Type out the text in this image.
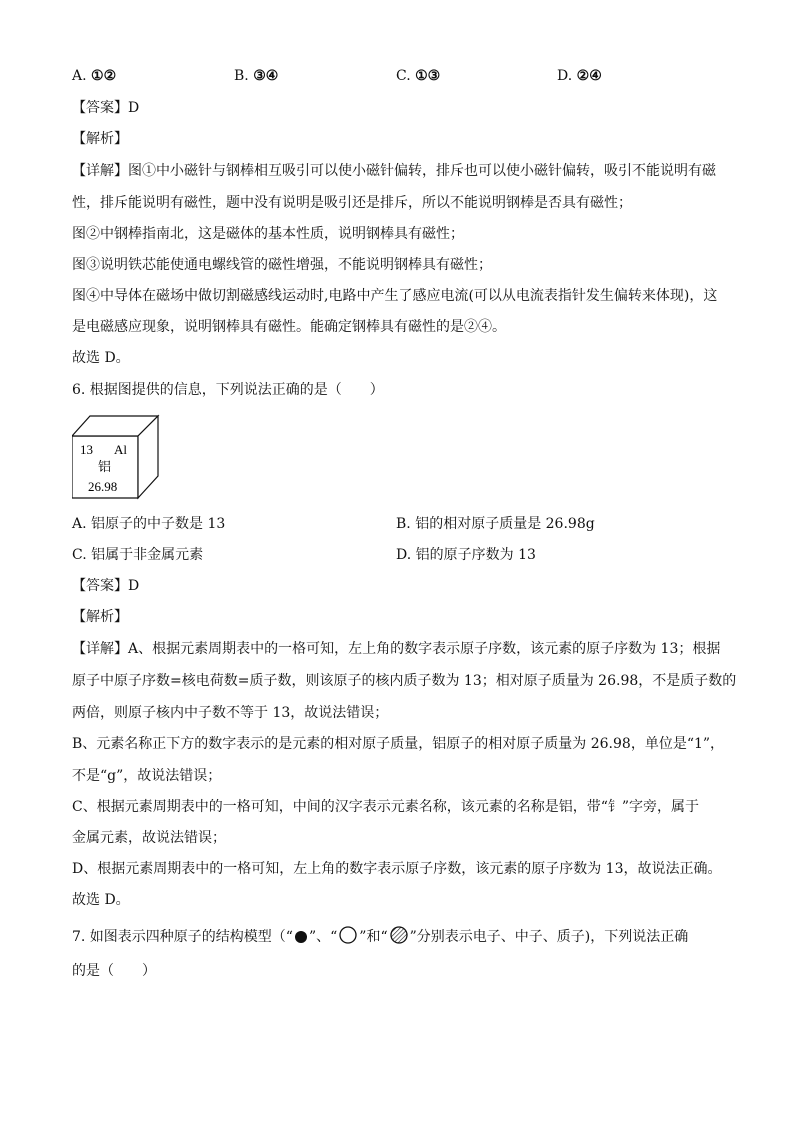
A. ①②	B. ③④	C. ①③	D. ②④
【答案】D
【解析】
【详解】图①中小磁针与钢棒相互吸引可以使小磁针偏转，排斥也可以使小磁针偏转，吸引不能说明有磁
性，排斥能说明有磁性，题中没有说明是吸引还是排斥，所以不能说明钢棒是否具有磁性；
图②中钢棒指南北，这是磁体的基本性质，说明钢棒具有磁性；
图③说明铁芯能使通电螺线管的磁性增强，不能说明钢棒具有磁性；
图④中导体在磁场中做切割磁感线运动时,电路中产生了感应电流(可以从电流表指针发生偏转来体现)，这
是电磁感应现象，说明钢棒具有磁性。能确定钢棒具有磁性的是②④。
故选 D。
6. 根据图提供的信息，下列说法正确的是（　　）
13 Al
铝
26.98
A. 铝原子的中子数是 13	B. 铝的相对原子质量是 26.98g
C. 铝属于非金属元素	D. 铝的原子序数为 13
【答案】D
【解析】
【详解】A、根据元素周期表中的一格可知，左上角的数字表示原子序数，该元素的原子序数为 13；根据
原子中原子序数=核电荷数=质子数，则该原子的核内质子数为 13；相对原子质量为 26.98，不是质子数的
两倍，则原子核内中子数不等于 13，故说法错误；
B、元素名称正下方的数字表示的是元素的相对原子质量，铝原子的相对原子质量为 26.98，单位是“1”，
不是“g”，故说法错误；
C、根据元素周期表中的一格可知，中间的汉字表示元素名称，该元素的名称是铝，带“钅”字旁，属于
金属元素，故说法错误；
D、根据元素周期表中的一格可知，左上角的数字表示原子序数，该元素的原子序数为 13，故说法正确。
故选 D。
7. 如图表示四种原子的结构模型（“ ”、“ ”和“ ”分别表示电子、中子、质子)，下列说法正确
的是（　　）
